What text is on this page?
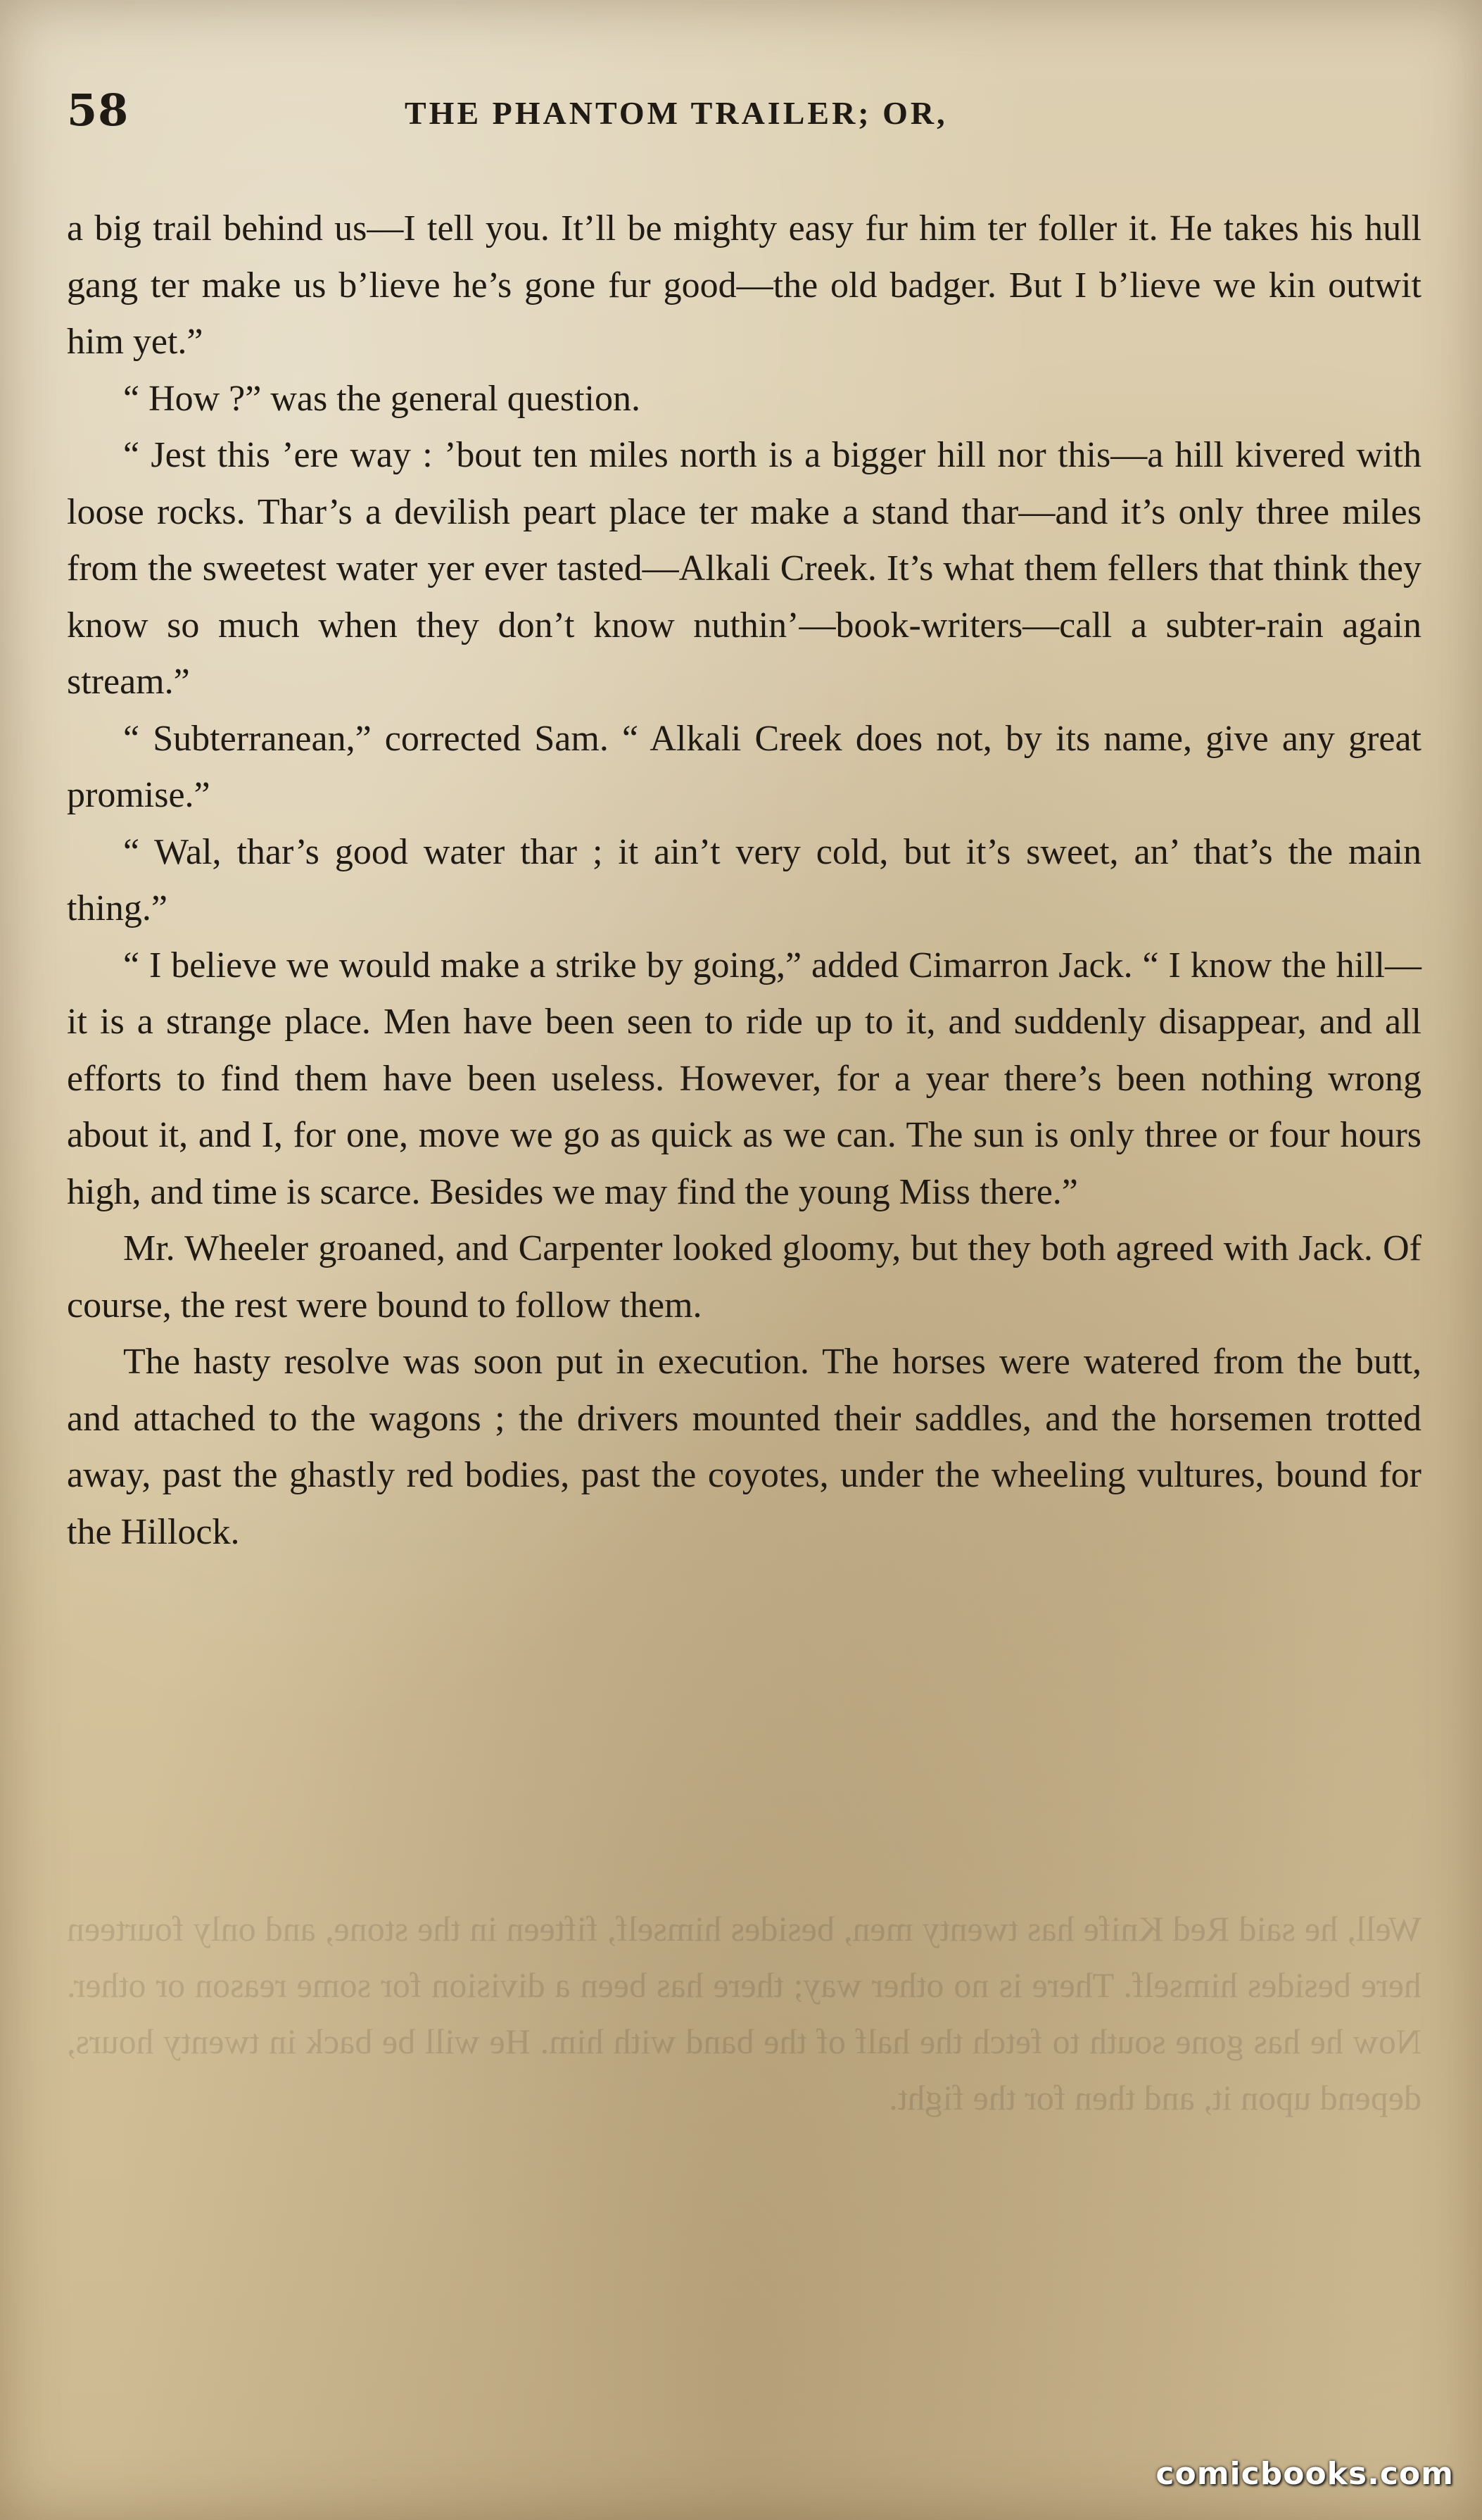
Well, he said Red Knife has twenty men, besides himself, fifteen in the stone, and only fourteen here besides himself. There is no other way; there has been a division for some reason or other. Now he has gone south to fetch the half of the band with him. He will be back in twenty hours, depend upon it, and then for the fight.
58	THE PHANTOM TRAILER; OR,

a big trail behind us—I tell you. It’ll be mighty easy fur him ter foller it. He takes his hull gang ter make us b’lieve he’s gone fur good—the old badger. But I b’lieve we kin outwit him yet.”

“ How ?” was the general question.

“ Jest this ’ere way : ’bout ten miles north is a bigger hill nor this—a hill kivered with loose rocks. Thar’s a devilish peart place ter make a stand thar—and it’s only three miles from the sweetest water yer ever tasted—Alkali Creek. It’s what them fellers that think they know so much when they don’t know nuthin’—book-writers—call a subter-rain again stream.”

“ Subterranean,” corrected Sam. “ Alkali Creek does not, by its name, give any great promise.”

“ Wal, thar’s good water thar ; it ain’t very cold, but it’s sweet, an’ that’s the main thing.”

“ I believe we would make a strike by going,” added Cimarron Jack. “ I know the hill—it is a strange place. Men have been seen to ride up to it, and suddenly disappear, and all efforts to find them have been useless. However, for a year there’s been nothing wrong about it, and I, for one, move we go as quick as we can. The sun is only three or four hours high, and time is scarce. Besides we may find the young Miss there.”

Mr. Wheeler groaned, and Carpenter looked gloomy, but they both agreed with Jack. Of course, the rest were bound to follow them.

The hasty resolve was soon put in execution. The horses were watered from the butt, and attached to the wagons ; the drivers mounted their saddles, and the horsemen trotted away, past the ghastly red bodies, past the coyotes, under the wheeling vultures, bound for the Hillock.

comicbooks.com
